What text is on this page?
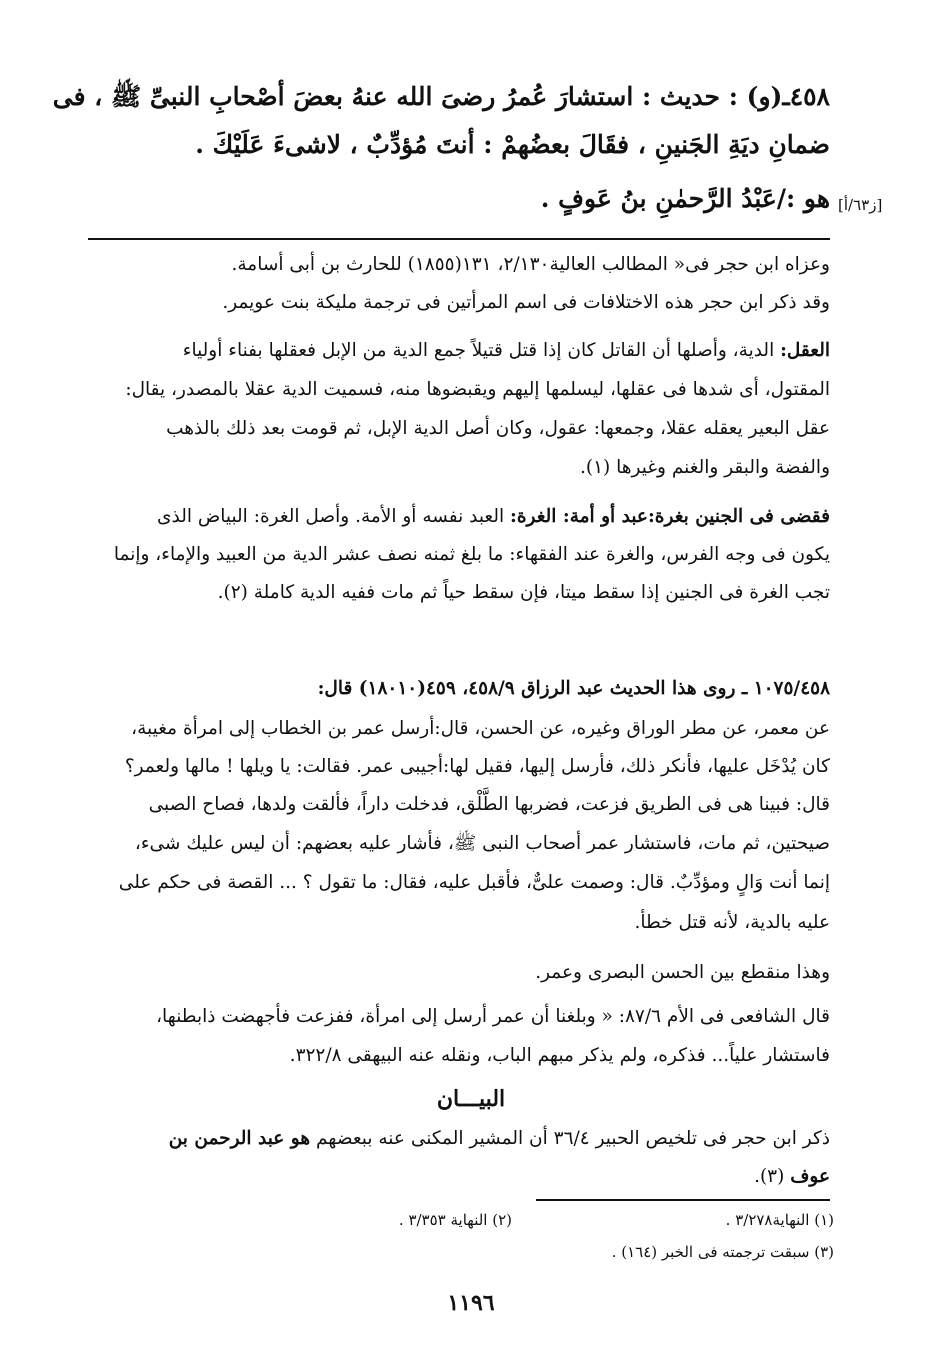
٤٥٨ـ(و) : حديث : استشارَ عُمرُ رضىَ الله عنهُ بعضَ أصْحابِ النبىِّ ﷺ ، فى
ضمانِ ديَةِ الجَنينِ ، فقَالَ بعضُهمْ : أنتَ مُؤدِّبٌ ، لاشىءَ عَلَيْكَ .
هو :/عَبْدُ الرَّحمٰنِ بنُ عَوفٍ . [ز٦٣/أ]
وعزاه ابن حجر فى« المطالب العالية٢/١٣٠، ١٣١(١٨٥٥) للحارث بن أبى أسامة.
وقد ذكر ابن حجر هذه الاختلافات فى اسم المرأتين فى ترجمة مليكة بنت عويمر.
العقل: الدية، وأصلها أن القاتل كان إذا قتل قتيلاً جمع الدية من الإبل فعقلها بفناء أولياء
المقتول، أى شدها فى عقلها، ليسلمها إليهم ويقبضوها منه، فسميت الدية عقلا بالمصدر، يقال:
عقل البعير يعقله عقلا، وجمعها: عقول، وكان أصل الدية الإبل، ثم قومت بعد ذلك بالذهب
والفضة والبقر والغنم وغيرها (١).
فقضى فى الجنين بغرة:عبد أو أمة: الغرة: العبد نفسه أو الأمة. وأصل الغرة: البياض الذى
يكون فى وجه الفرس، والغرة عند الفقهاء: ما بلغ ثمنه نصف عشر الدية من العبيد والإماء، وإنما
تجب الغرة فى الجنين إذا سقط ميتا، فإن سقط حياً ثم مات ففيه الدية كاملة (٢).
١٠٧٥/٤٥٨ ـ روى هذا الحديث عبد الرزاق ٤٥٨/٩، ٤٥٩(١٨٠١٠) قال:
عن معمر، عن مطر الوراق وغيره، عن الحسن، قال:أرسل عمر بن الخطاب إلى امرأة مغيبة،
كان يُدْخَل عليها، فأنكر ذلك، فأرسل إليها، فقيل لها:أجيبى عمر. فقالت: يا ويلها ! مالها ولعمر؟
قال: فبينا هى فى الطريق فزعت، فضربها الطَّلْق، فدخلت داراً، فألقت ولدها، فصاح الصبى
صيحتين، ثم مات، فاستشار عمر أصحاب النبى ﷺ، فأشار عليه بعضهم: أن ليس عليك شىء،
إنما أنت وَالٍ ومؤدِّبٌ. قال: وصمت علىٌّ، فأقبل عليه، فقال: ما تقول ؟ ... القصة فى حكم على
عليه بالدية، لأنه قتل خطأ.
وهذا منقطع بين الحسن البصرى وعمر.
قال الشافعى فى الأم ٨٧/٦: « وبلغنا أن عمر أرسل إلى امرأة، ففزعت فأجهضت ذابطنها،
فاستشار علياً... فذكره، ولم يذكر مبهم الباب، ونقله عنه البيهقى ٣٢٢/٨.
البيـــان
ذكر ابن حجر فى تلخيص الحبير ٣٦/٤ أن المشير المكنى عنه ببعضهم هو عبد الرحمن بن
عوف (٣).
(١) النهاية٣/٢٧٨ .
(٢) النهاية ٣/٣٥٣ .
(٣) سبقت ترجمته فى الخبر (١٦٤) .
١١٩٦
